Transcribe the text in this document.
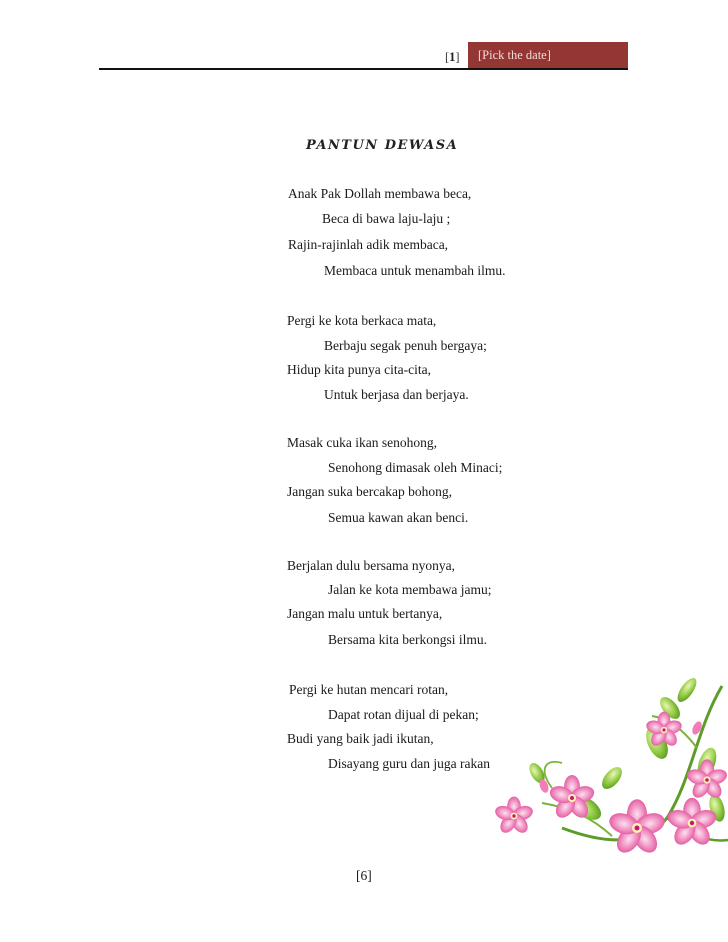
[1]	[Pick the date]
PANTUN DEWASA
Anak Pak Dollah membawa beca,
Beca di bawa laju-laju ;
Rajin-rajinlah adik membaca,
Membaca untuk menambah ilmu.
Pergi ke kota berkaca mata,
Berbaju segak penuh bergaya;
Hidup kita punya cita-cita,
Untuk berjasa dan berjaya.
Masak cuka ikan senohong,
Senohong dimasak oleh Minaci;
Jangan suka bercakap bohong,
Semua kawan akan benci.
Berjalan dulu bersama nyonya,
Jalan ke kota membawa jamu;
Jangan malu untuk bertanya,
Bersama kita berkongsi ilmu.
Pergi ke hutan mencari rotan,
Dapat rotan dijual di pekan;
Budi yang baik jadi ikutan,
Disayang guru dan juga rakan
[6]
